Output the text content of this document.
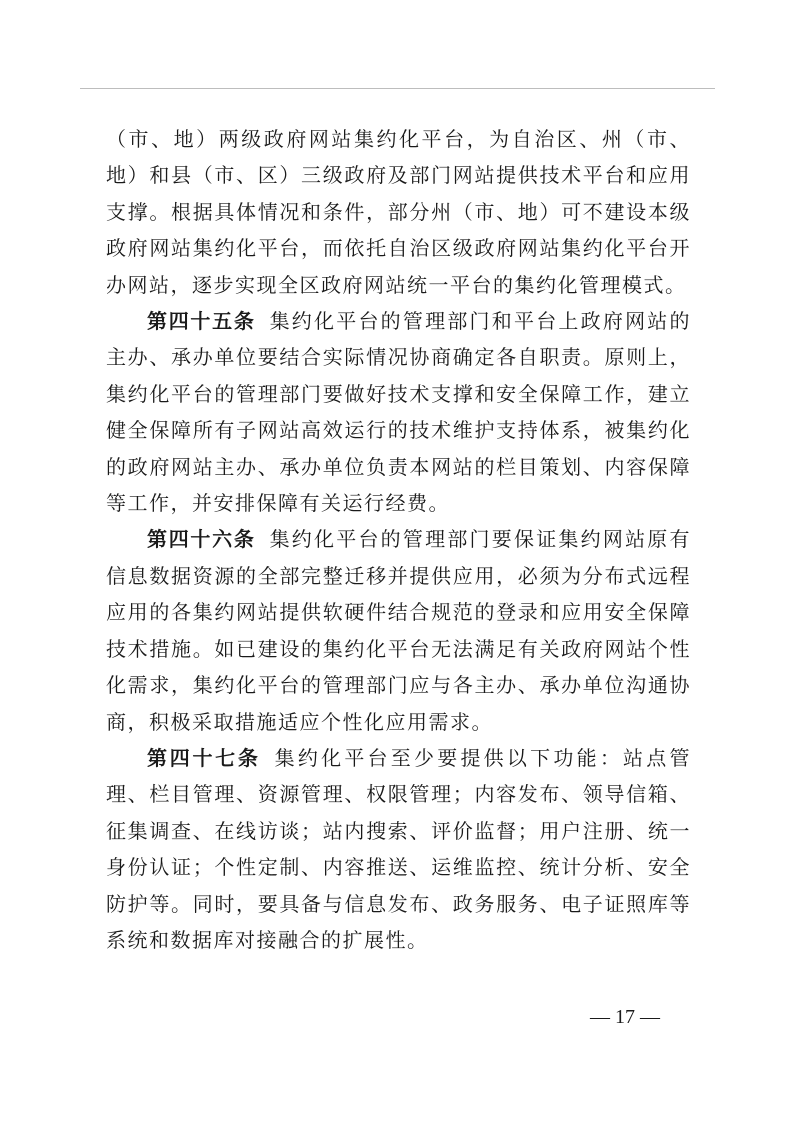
（市、地）两级政府网站集约化平台，为自治区、州（市、地）和县（市、区）三级政府及部门网站提供技术平台和应用支撑。根据具体情况和条件，部分州（市、地）可不建设本级政府网站集约化平台，而依托自治区级政府网站集约化平台开办网站，逐步实现全区政府网站统一平台的集约化管理模式。

第四十五条 集约化平台的管理部门和平台上政府网站的主办、承办单位要结合实际情况协商确定各自职责。原则上，集约化平台的管理部门要做好技术支撑和安全保障工作，建立健全保障所有子网站高效运行的技术维护支持体系，被集约化的政府网站主办、承办单位负责本网站的栏目策划、内容保障等工作，并安排保障有关运行经费。

第四十六条 集约化平台的管理部门要保证集约网站原有信息数据资源的全部完整迁移并提供应用，必须为分布式远程应用的各集约网站提供软硬件结合规范的登录和应用安全保障技术措施。如已建设的集约化平台无法满足有关政府网站个性化需求，集约化平台的管理部门应与各主办、承办单位沟通协商，积极采取措施适应个性化应用需求。

第四十七条 集约化平台至少要提供以下功能：站点管理、栏目管理、资源管理、权限管理；内容发布、领导信箱、征集调查、在线访谈；站内搜索、评价监督；用户注册、统一身份认证；个性定制、内容推送、运维监控、统计分析、安全防护等。同时，要具备与信息发布、政务服务、电子证照库等系统和数据库对接融合的扩展性。

— 17 —
